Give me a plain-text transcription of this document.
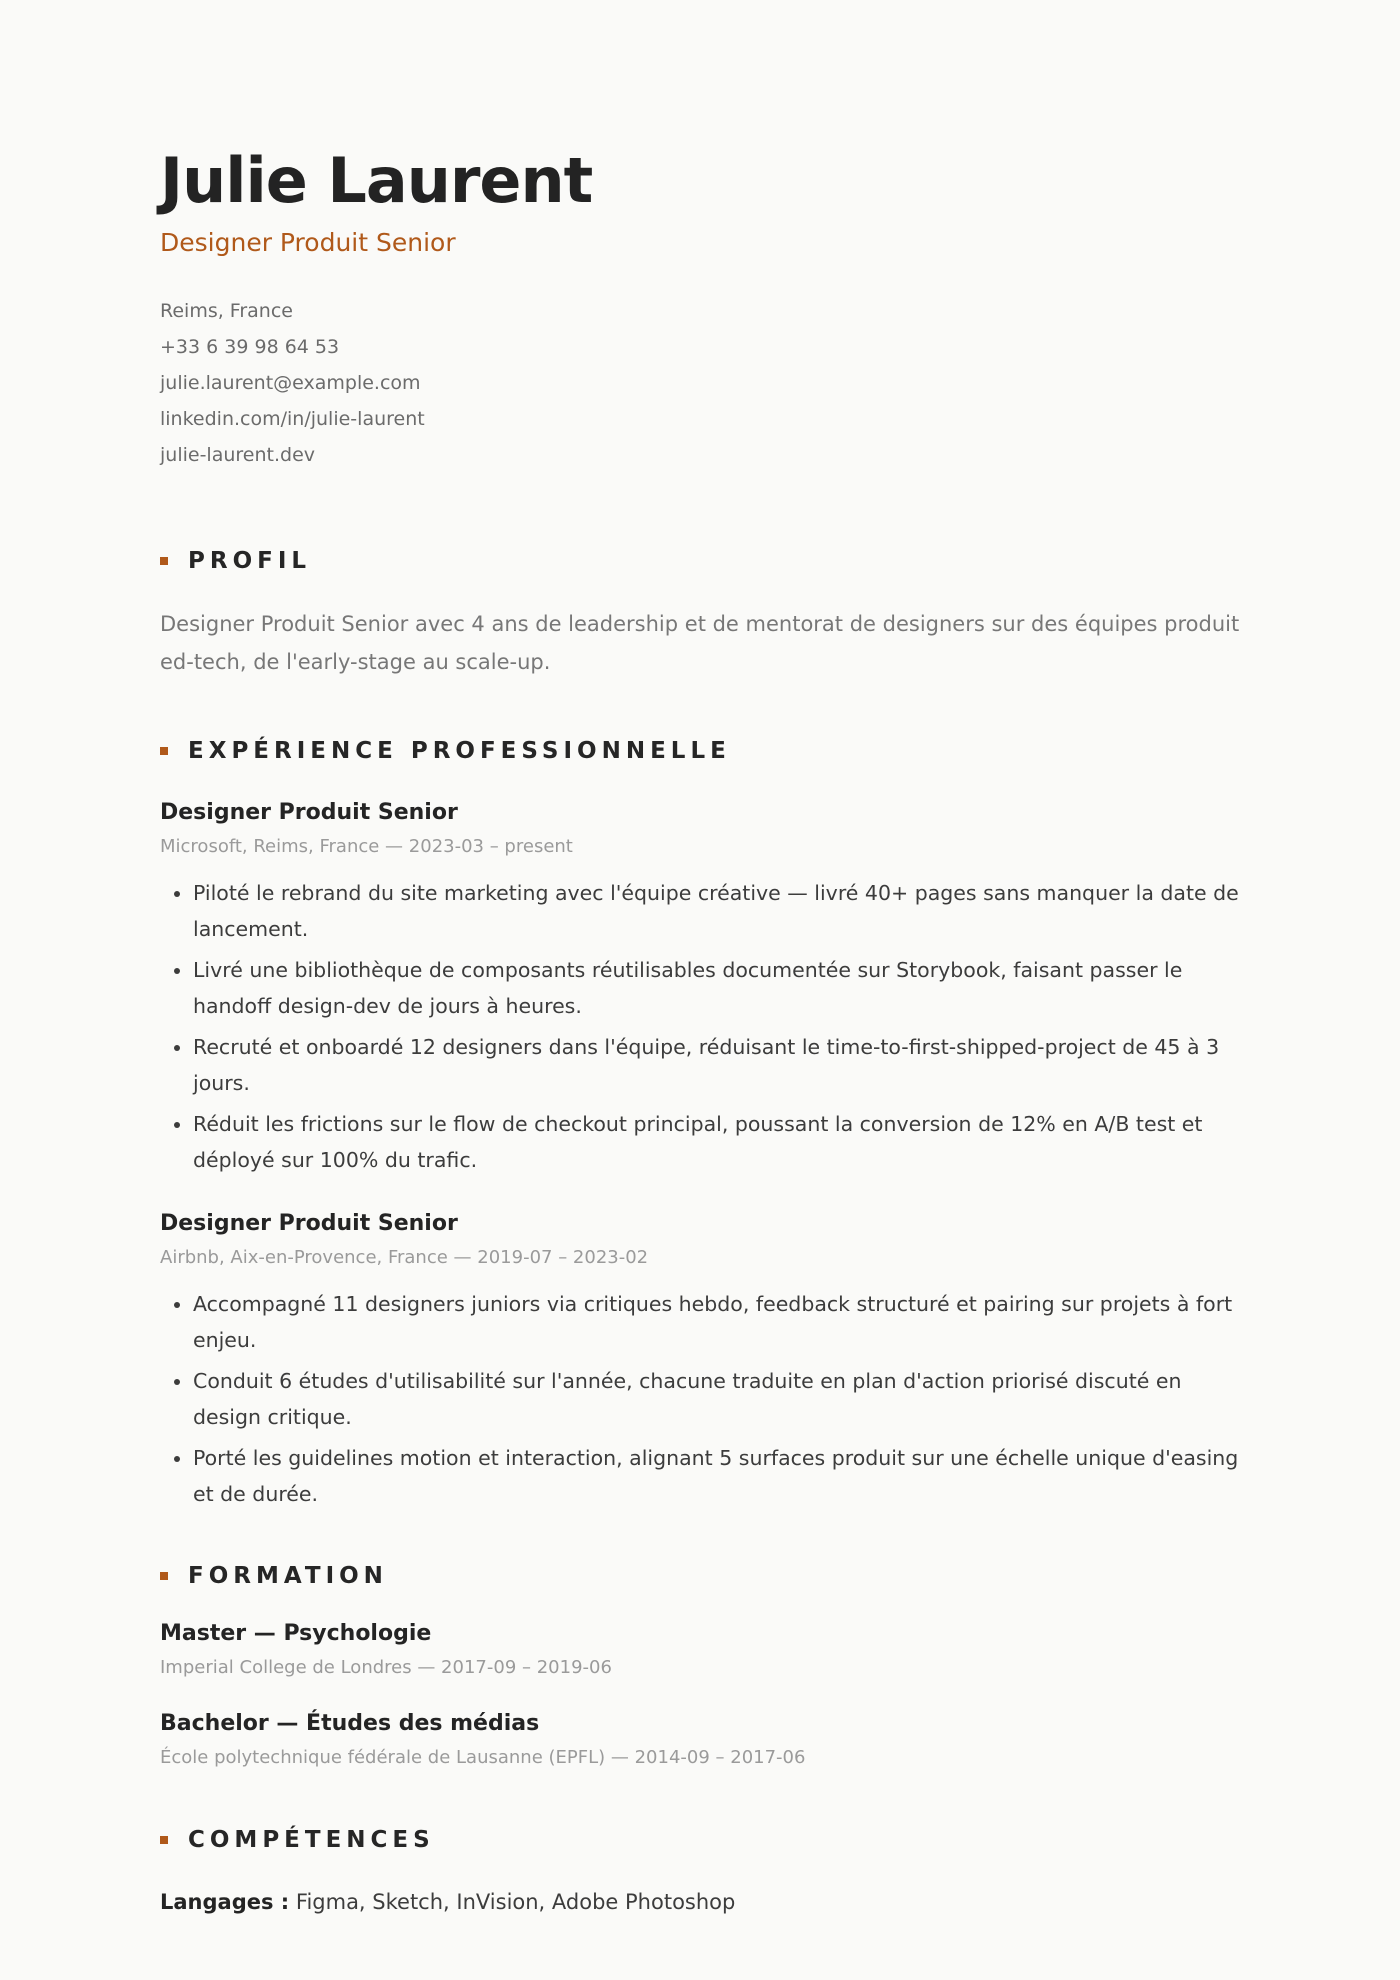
Julie Laurent
Designer Produit Senior
Reims, France
+33 6 39 98 64 53
julie.laurent@example.com
linkedin.com/in/julie-laurent
julie-laurent.dev
PROFIL
Designer Produit Senior avec 4 ans de leadership et de mentorat de designers sur des équipes produit ed-tech, de l'early-stage au scale-up.
EXPÉRIENCE PROFESSIONNELLE
Designer Produit Senior
Microsoft, Reims, France — 2023-03 – present
• Piloté le rebrand du site marketing avec l'équipe créative — livré 40+ pages sans manquer la date de lancement.
• Livré une bibliothèque de composants réutilisables documentée sur Storybook, faisant passer le handoff design-dev de jours à heures.
• Recruté et onboardé 12 designers dans l'équipe, réduisant le time-to-first-shipped-project de 45 à 3 jours.
• Réduit les frictions sur le flow de checkout principal, poussant la conversion de 12% en A/B test et déployé sur 100% du trafic.
Designer Produit Senior
Airbnb, Aix-en-Provence, France — 2019-07 – 2023-02
• Accompagné 11 designers juniors via critiques hebdo, feedback structuré et pairing sur projets à fort enjeu.
• Conduit 6 études d'utilisabilité sur l'année, chacune traduite en plan d'action priorisé discuté en design critique.
• Porté les guidelines motion et interaction, alignant 5 surfaces produit sur une échelle unique d'easing et de durée.
FORMATION
Master — Psychologie
Imperial College de Londres — 2017-09 – 2019-06
Bachelor — Études des médias
École polytechnique fédérale de Lausanne (EPFL) — 2014-09 – 2017-06
COMPÉTENCES
Langages : Figma, Sketch, InVision, Adobe Photoshop
